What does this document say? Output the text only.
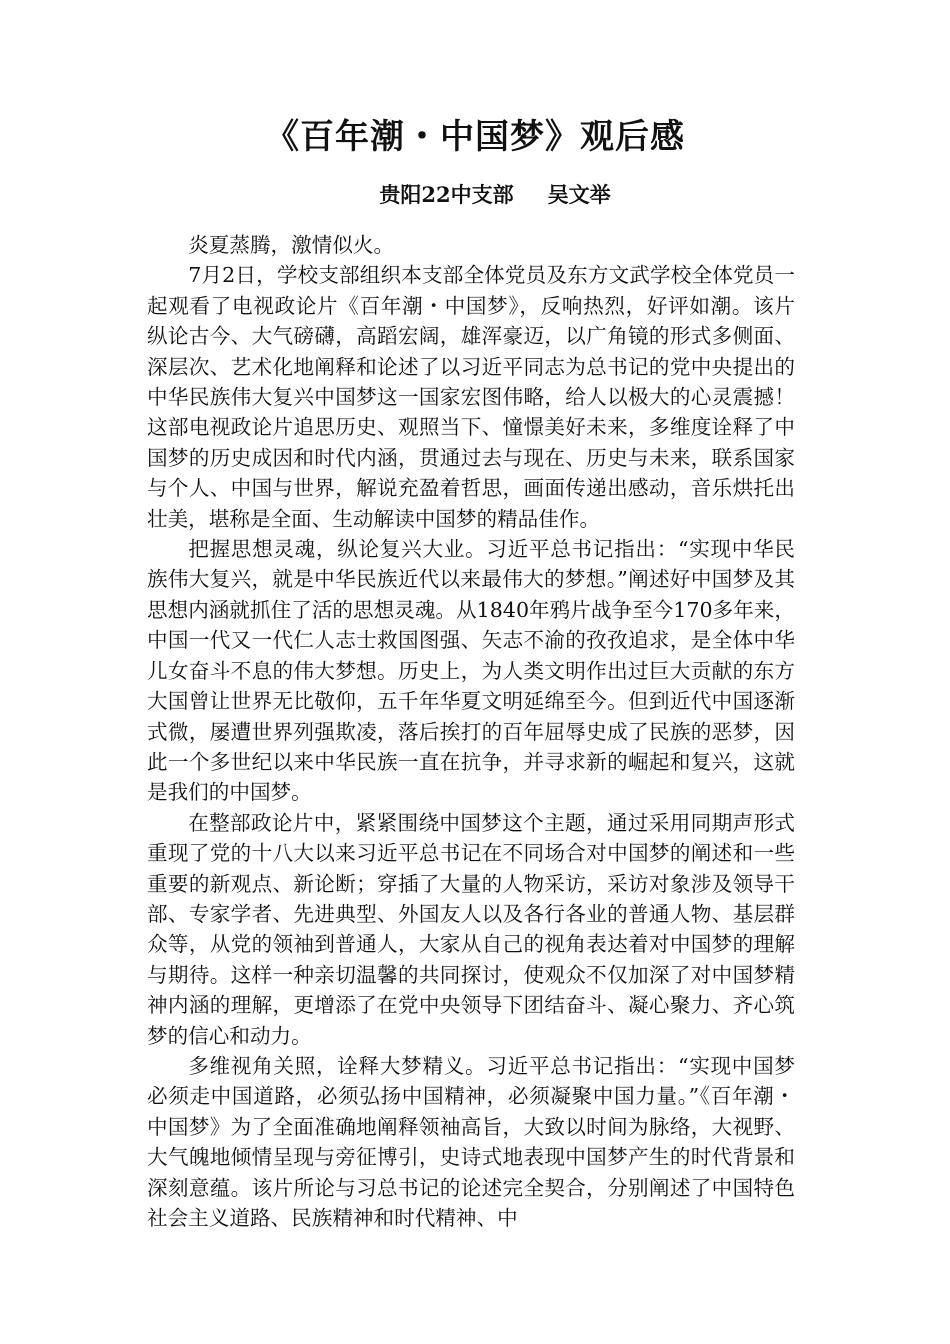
《百年潮・中国梦》观后感
贵阳22中支部 吴文举

炎夏蒸腾，激情似火。

7月2日，学校支部组织本支部全体党员及东方文武学校全体党员一起观看了电视政论片《百年潮・中国梦》，反响热烈，好评如潮。该片纵论古今、大气磅礴，高蹈宏阔，雄浑豪迈，以广角镜的形式多侧面、深层次、艺术化地阐释和论述了以习近平同志为总书记的党中央提出的中华民族伟大复兴中国梦这一国家宏图伟略，给人以极大的心灵震撼！这部电视政论片追思历史、观照当下、憧憬美好未来，多维度诠释了中国梦的历史成因和时代内涵，贯通过去与现在、历史与未来，联系国家与个人、中国与世界，解说充盈着哲思，画面传递出感动，音乐烘托出壮美，堪称是全面、生动解读中国梦的精品佳作。

把握思想灵魂，纵论复兴大业。习近平总书记指出：“实现中华民族伟大复兴，就是中华民族近代以来最伟大的梦想。”阐述好中国梦及其思想内涵就抓住了活的思想灵魂。从1840年鸦片战争至今170多年来，中国一代又一代仁人志士救国图强、矢志不渝的孜孜追求，是全体中华儿女奋斗不息的伟大梦想。历史上，为人类文明作出过巨大贡献的东方大国曾让世界无比敬仰，五千年华夏文明延绵至今。但到近代中国逐渐式微，屡遭世界列强欺凌，落后挨打的百年屈辱史成了民族的恶梦，因此一个多世纪以来中华民族一直在抗争，并寻求新的崛起和复兴，这就是我们的中国梦。

在整部政论片中，紧紧围绕中国梦这个主题，通过采用同期声形式重现了党的十八大以来习近平总书记在不同场合对中国梦的阐述和一些重要的新观点、新论断；穿插了大量的人物采访，采访对象涉及领导干部、专家学者、先进典型、外国友人以及各行各业的普通人物、基层群众等，从党的领袖到普通人，大家从自己的视角表达着对中国梦的理解与期待。这样一种亲切温馨的共同探讨，使观众不仅加深了对中国梦精神内涵的理解，更增添了在党中央领导下团结奋斗、凝心聚力、齐心筑梦的信心和动力。

多维视角关照，诠释大梦精义。习近平总书记指出：“实现中国梦必须走中国道路，必须弘扬中国精神，必须凝聚中国力量。”《百年潮・中国梦》为了全面准确地阐释领袖高旨，大致以时间为脉络，大视野、大气魄地倾情呈现与旁征博引，史诗式地表现中国梦产生的时代背景和深刻意蕴。该片所论与习总书记的论述完全契合，分别阐述了中国特色社会主义道路、民族精神和时代精神、中
